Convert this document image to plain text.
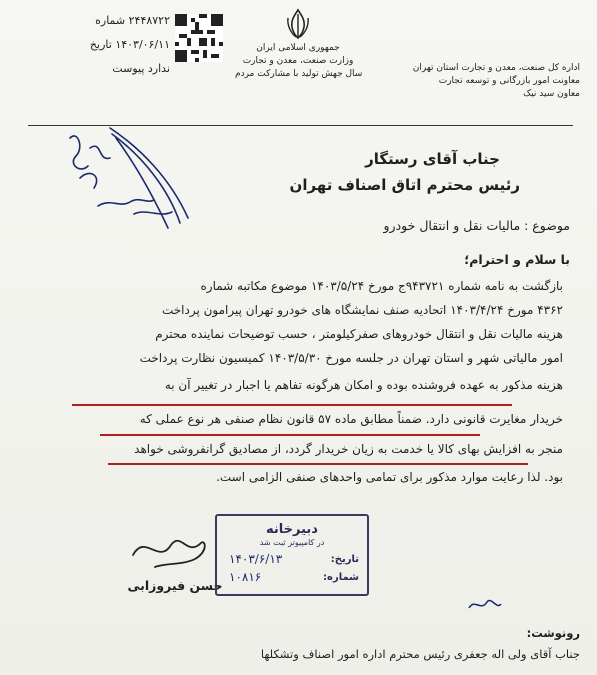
۲۴۴۸۷۲۲ شماره
۱۴۰۳/۰۶/۱۱ تاریخ
ندارد پیوست
جمهوری اسلامی ایران
وزارت صنعت، معدن و تجارت
سال جهش تولید با مشارکت مردم
اداره کل صنعت، معدن و تجارت استان تهران
معاونت امور بازرگانی و توسعه تجارت
معاون سید نیک
جناب آقای رستگار
رئیس محترم اتاق اصناف تهران
موضوع : مالیات نقل و انتقال خودرو
با سلام و احترام؛
بازگشت به نامه شماره ۹۴۳۷۲۱ج مورخ ۱۴۰۳/۵/۲۴ موضوع مکاتبه شماره
۴۳۶۲ مورخ ۱۴۰۳/۴/۲۴ اتحادیه صنف نمایشگاه های خودرو تهران پیرامون پرداخت
هزینه مالیات نقل و انتقال خودروهای صفرکیلومتر ، حسب توضیحات نماینده محترم
امور مالیاتی شهر و استان تهران در جلسه مورخ ۱۴۰۳/۵/۳۰ کمیسیون نظارت پرداخت
هزینه مذکور به عهده فروشنده بوده و امکان هرگونه تفاهم یا اجبار در تغییر آن به
خریدار مغایرت قانونی دارد. ضمناً مطابق ماده ۵۷ قانون نظام صنفی هر نوع عملی که
منجر به افزایش بهای کالا یا خدمت به زیان خریدار گردد، از مصادیق گرانفروشی خواهد
بود. لذا رعایت موارد مذکور برای تمامی واحدهای صنفی الزامی است.
حسن فیروزابی
دبیرخانه
در کامپیوتر ثبت شد
تاریخ:
۱۴۰۳/۶/۱۳
شماره:
۱۰۸۱۶
رونوشت:
جناب آقای ولی اله جعفری رئیس محترم اداره امور اصناف وتشکلها
